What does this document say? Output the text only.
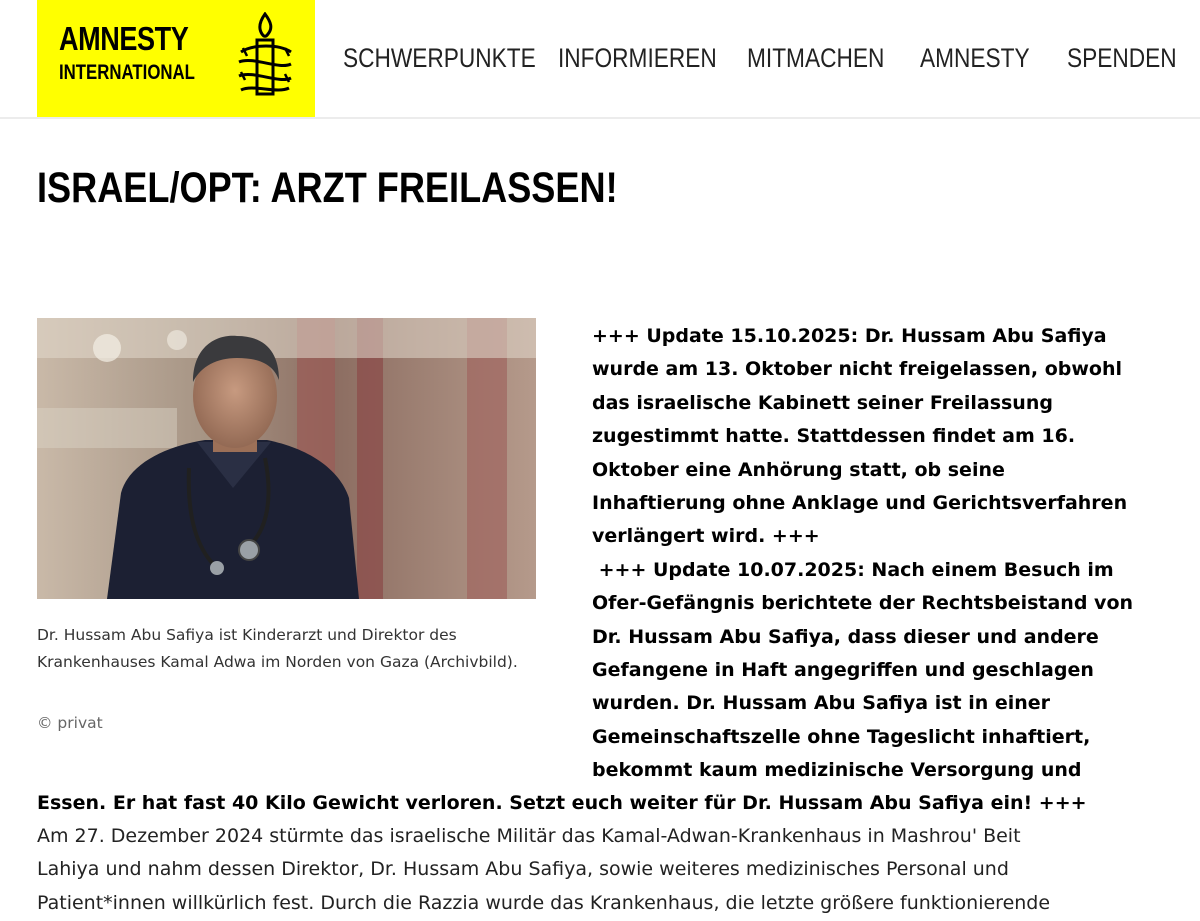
AMNESTY
INTERNATIONAL	SCHWERPUNKTE INFORMIEREN MITMACHEN AMNESTY SPENDEN
ISRAEL/OPT: ARZT FREILASSEN!
Dr. Hussam Abu Safiya ist Kinderarzt und Direktor des Krankenhauses Kamal Adwa im Norden von Gaza (Archivbild).
© privat

+++ Update 15.10.2025: Dr. Hussam Abu Safiya

wurde am 13. Oktober nicht freigelassen, obwohl

das israelische Kabinett seiner Freilassung

zugestimmt hatte. Stattdessen findet am 16.

Oktober eine Anhörung statt, ob seine

Inhaftierung ohne Anklage und Gerichtsverfahren

verlängert wird. +++

+++ Update 10.07.2025: Nach einem Besuch im

Ofer-Gefängnis berichtete der Rechtsbeistand von

Dr. Hussam Abu Safiya, dass dieser und andere

Gefangene in Haft angegriffen und geschlagen

wurden. Dr. Hussam Abu Safiya ist in einer

Gemeinschaftszelle ohne Tageslicht inhaftiert,

bekommt kaum medizinische Versorgung und

Essen. Er hat fast 40 Kilo Gewicht verloren. Setzt euch weiter für Dr. Hussam Abu Safiya ein! +++

Am 27. Dezember 2024 stürmte das israelische Militär das Kamal-Adwan-Krankenhaus in Mashrou' Beit
Lahiya und nahm dessen Direktor, Dr. Hussam Abu Safiya, sowie weiteres medizinisches Personal und
Patient*innen willkürlich fest. Durch die Razzia wurde das Krankenhaus, die letzte größere funktionierende
